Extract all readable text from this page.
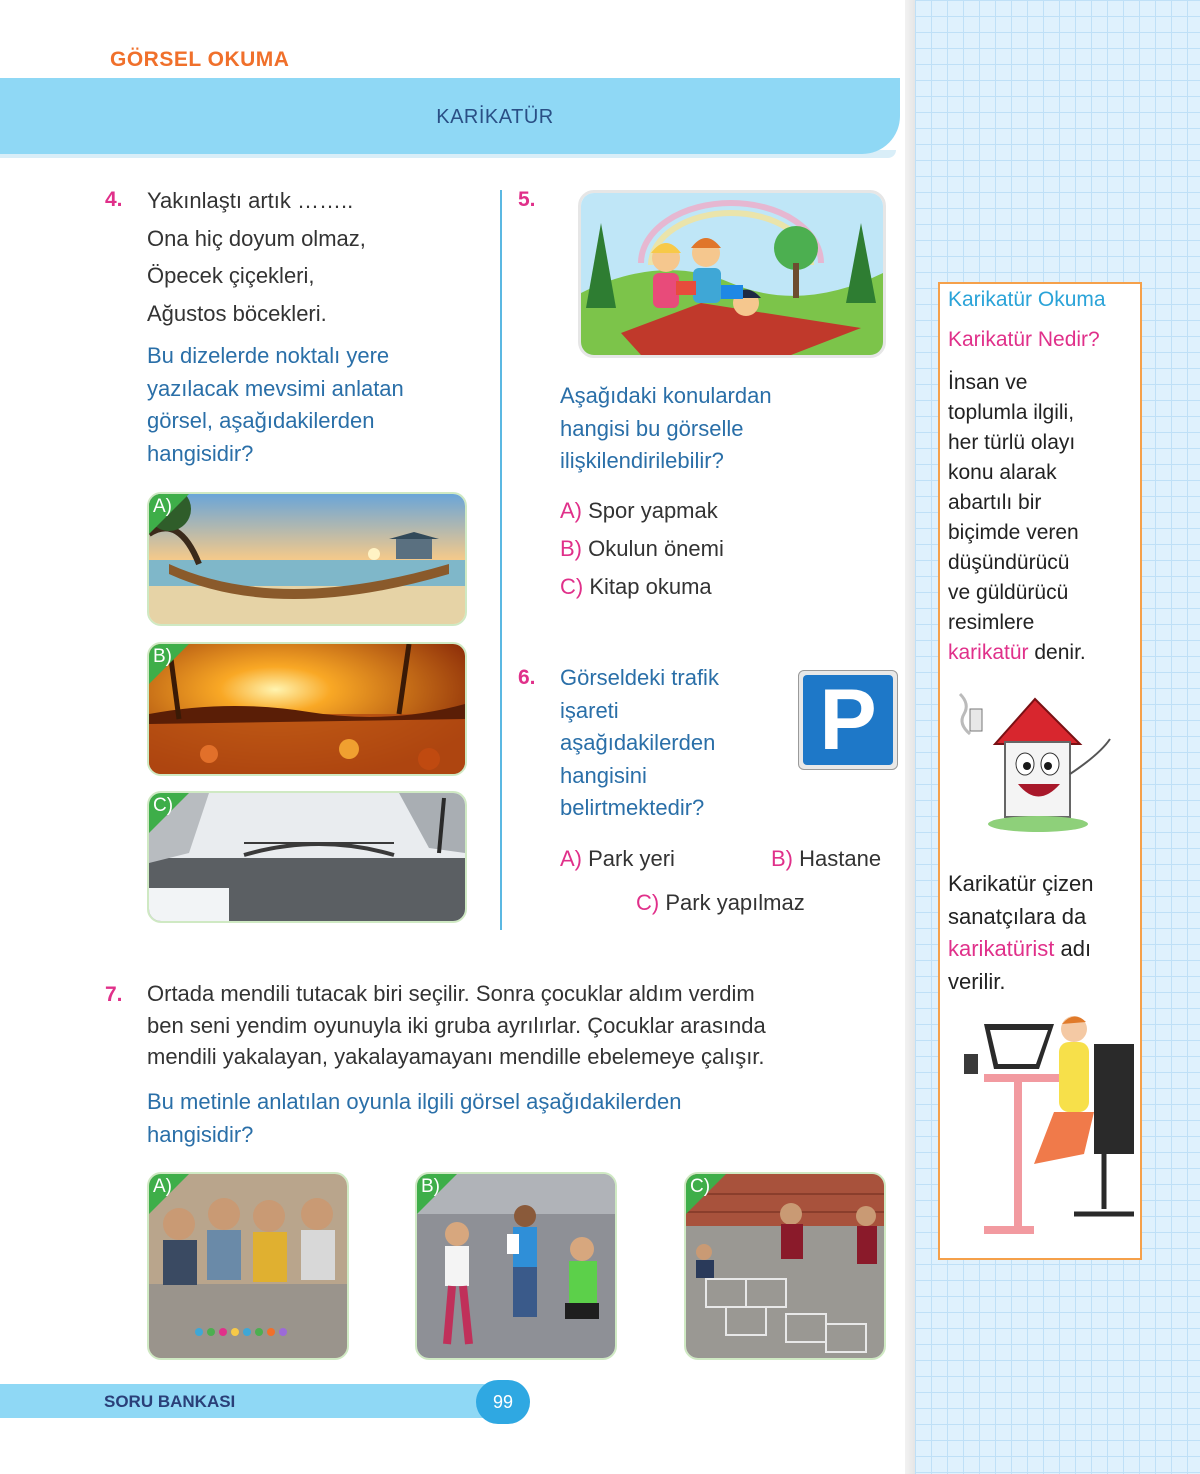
GÖRSEL OKUMA
KARİKATÜR
4. Yakınlaştı artık ……..
Ona hiç doyum olmaz,
Öpecek çiçekleri,
Ağustos böcekleri.
Bu dizelerde noktalı yere
yazılacak mevsimi anlatan
görsel, aşağıdakilerden
hangisidir?
A)
B)
C)
5.
Aşağıdaki konulardan
hangisi bu görselle
ilişkilendirilebilir?
A) Spor yapmak
B) Okulun önemi
C) Kitap okuma
6. Görseldeki trafik
işareti
aşağıdakilerden
hangisini
belirtmektedir?
P
A) Park yeri	B) Hastane
C) Park yapılmaz
7. Ortada mendili tutacak biri seçilir. Sonra çocuklar aldım verdim
ben seni yendim oyunuyla iki gruba ayrılırlar. Çocuklar arasında
mendili yakalayan, yakalayamayanı mendille ebelemeye çalışır.
Bu metinle anlatılan oyunla ilgili görsel aşağıdakilerden
hangisidir?
A)	B)	C)
Karikatür Okuma
Karikatür Nedir?
İnsan ve
toplumla ilgili,
her türlü olayı
konu alarak
abartılı bir
biçimde veren
düşündürücü
ve güldürücü
resimlere
karikatür denir.
Karikatür çizen
sanatçılara da
karikatürist adı
verilir.
SORU BANKASI	99
